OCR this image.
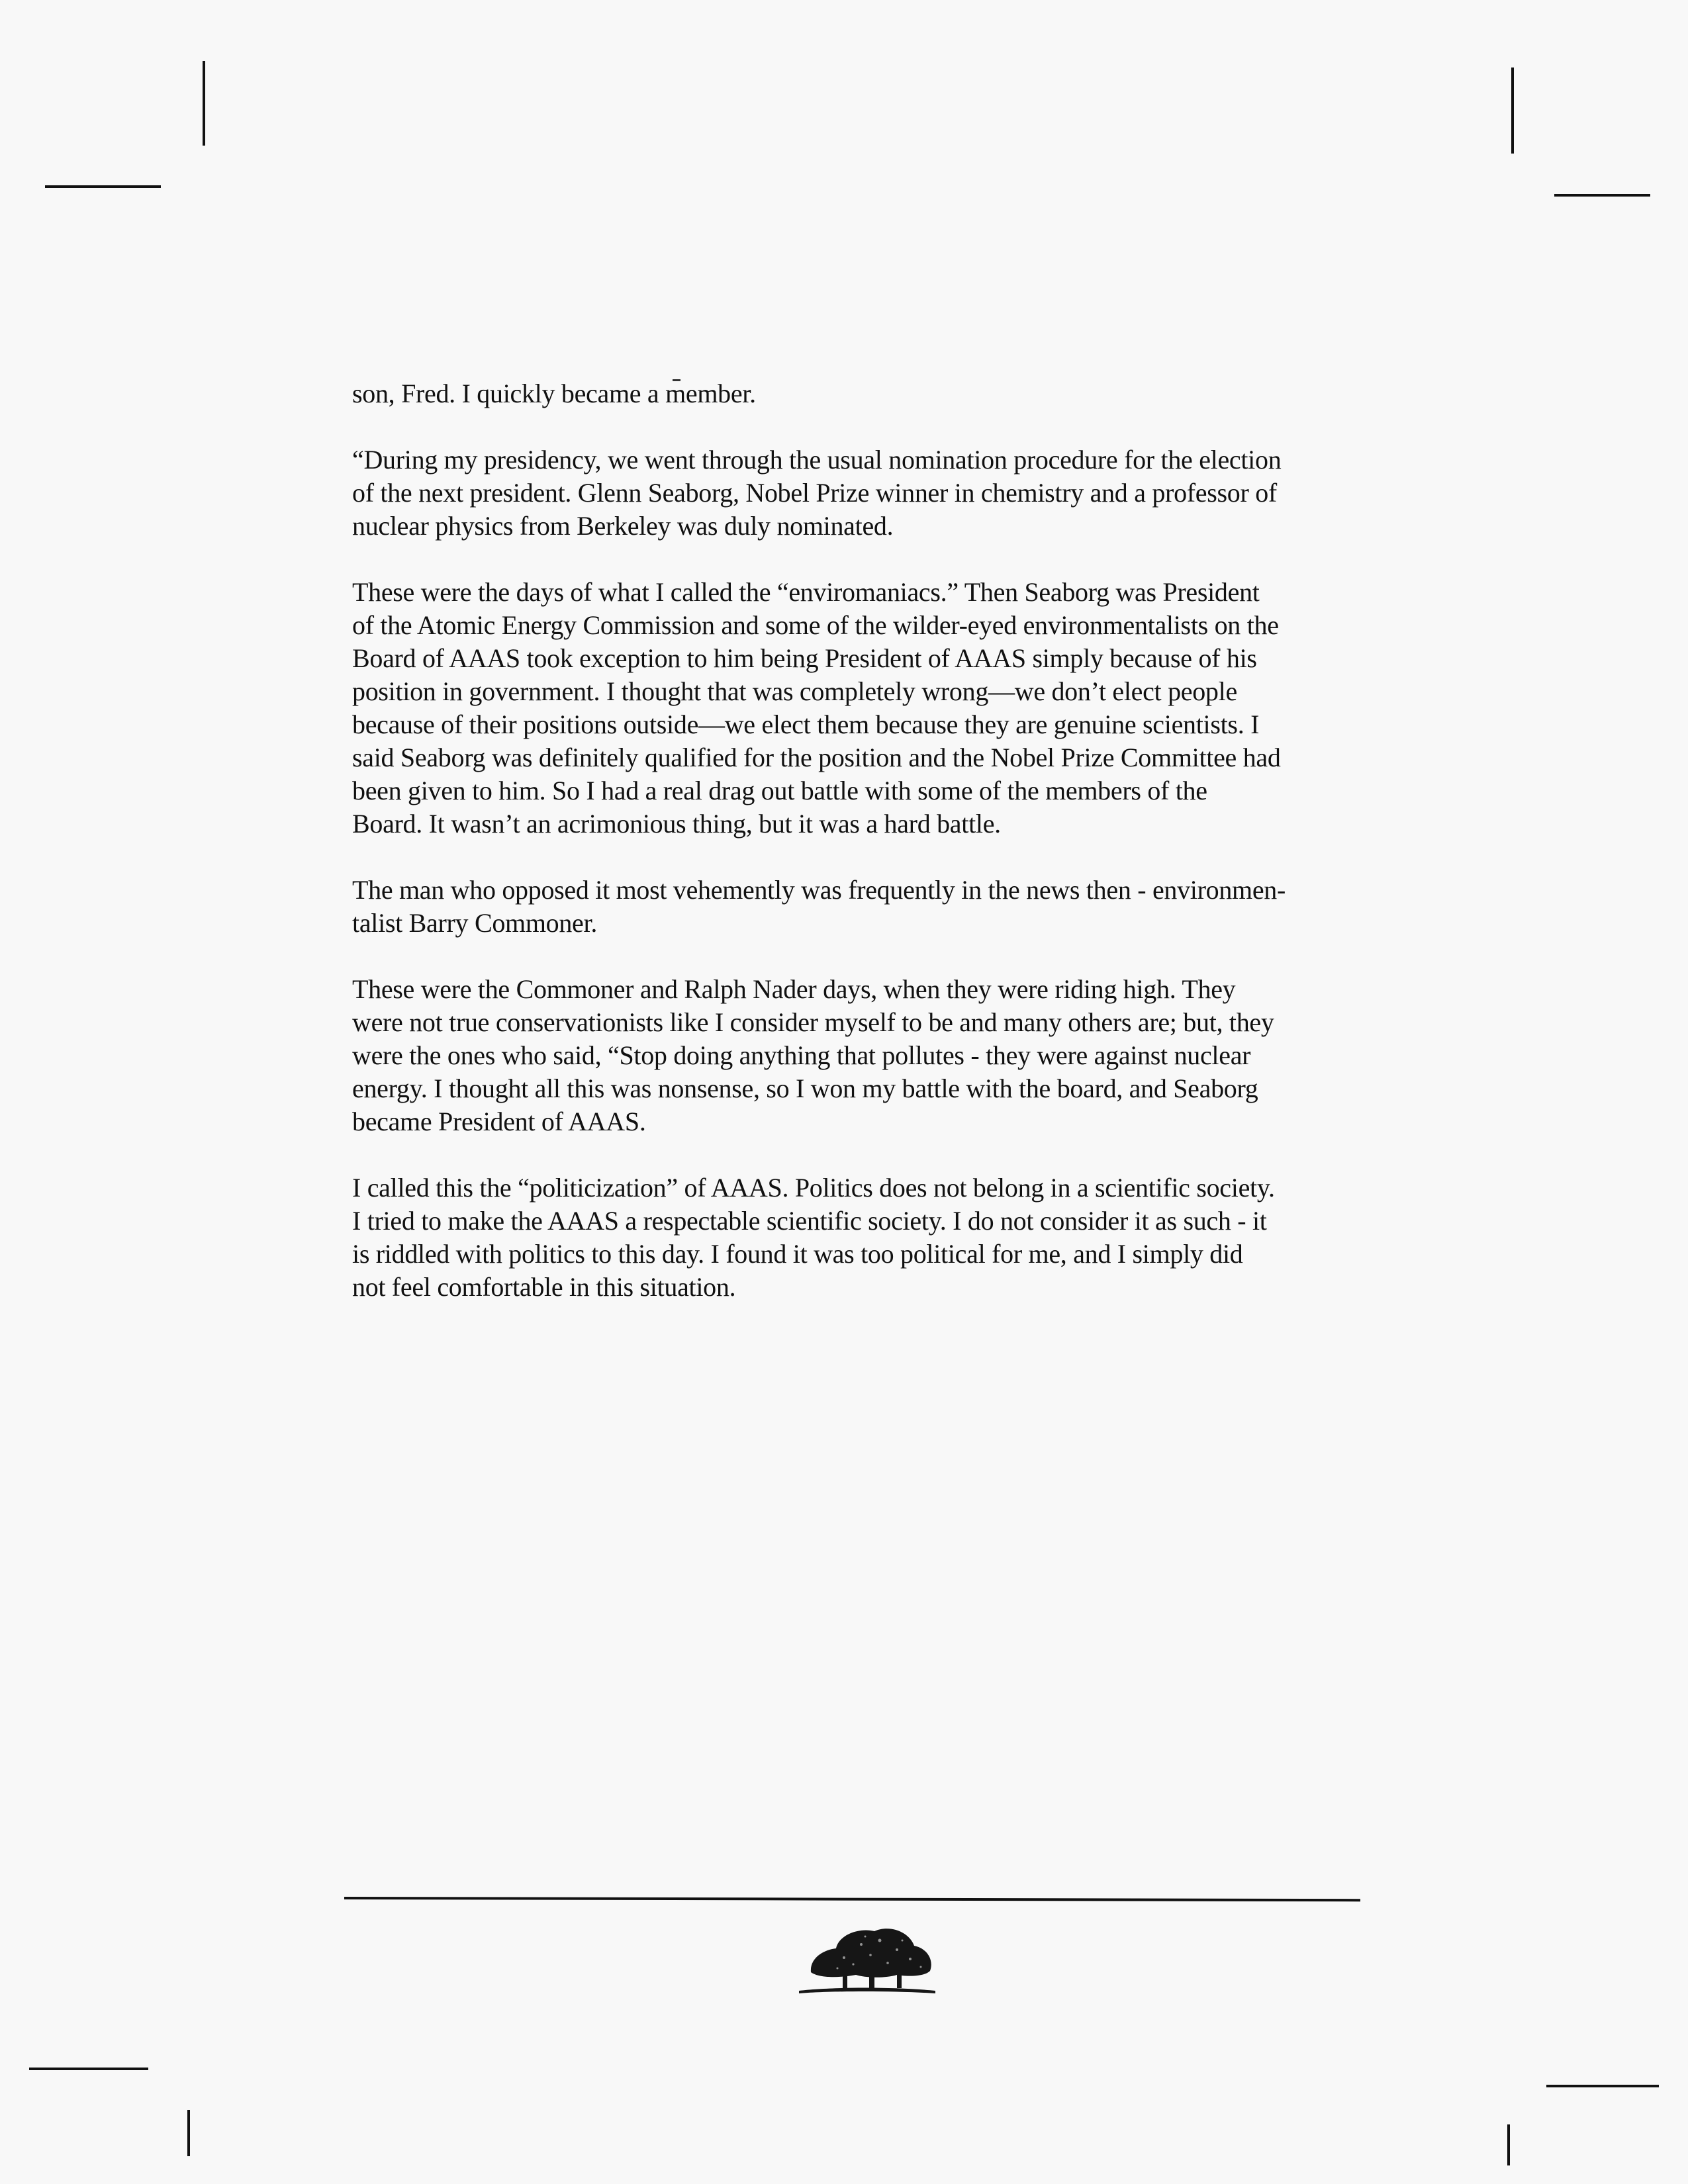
son, Fred. I quickly became a member.

“During my presidency, we went through the usual nomination procedure for the election
of the next president. Glenn Seaborg, Nobel Prize winner in chemistry and a professor of
nuclear physics from Berkeley was duly nominated.

These were the days of what I called the “enviromaniacs.” Then Seaborg was President
of the Atomic Energy Commission and some of the wilder-eyed environmentalists on the
Board of AAAS took exception to him being President of AAAS simply because of his
position in government. I thought that was completely wrong—we don’t elect people
because of their positions outside—we elect them because they are genuine scientists. I
said Seaborg was definitely qualified for the position and the Nobel Prize Committee had
been given to him. So I had a real drag out battle with some of the members of the
Board. It wasn’t an acrimonious thing, but it was a hard battle.

The man who opposed it most vehemently was frequently in the news then - environmen-
talist Barry Commoner.

These were the Commoner and Ralph Nader days, when they were riding high. They
were not true conservationists like I consider myself to be and many others are; but, they
were the ones who said, “Stop doing anything that pollutes - they were against nuclear
energy. I thought all this was nonsense, so I won my battle with the board, and Seaborg
became President of AAAS.

I called this the “politicization” of AAAS. Politics does not belong in a scientific society.
I tried to make the AAAS a respectable scientific society. I do not consider it as such - it
is riddled with politics to this day. I found it was too political for me, and I simply did
not feel comfortable in this situation.
